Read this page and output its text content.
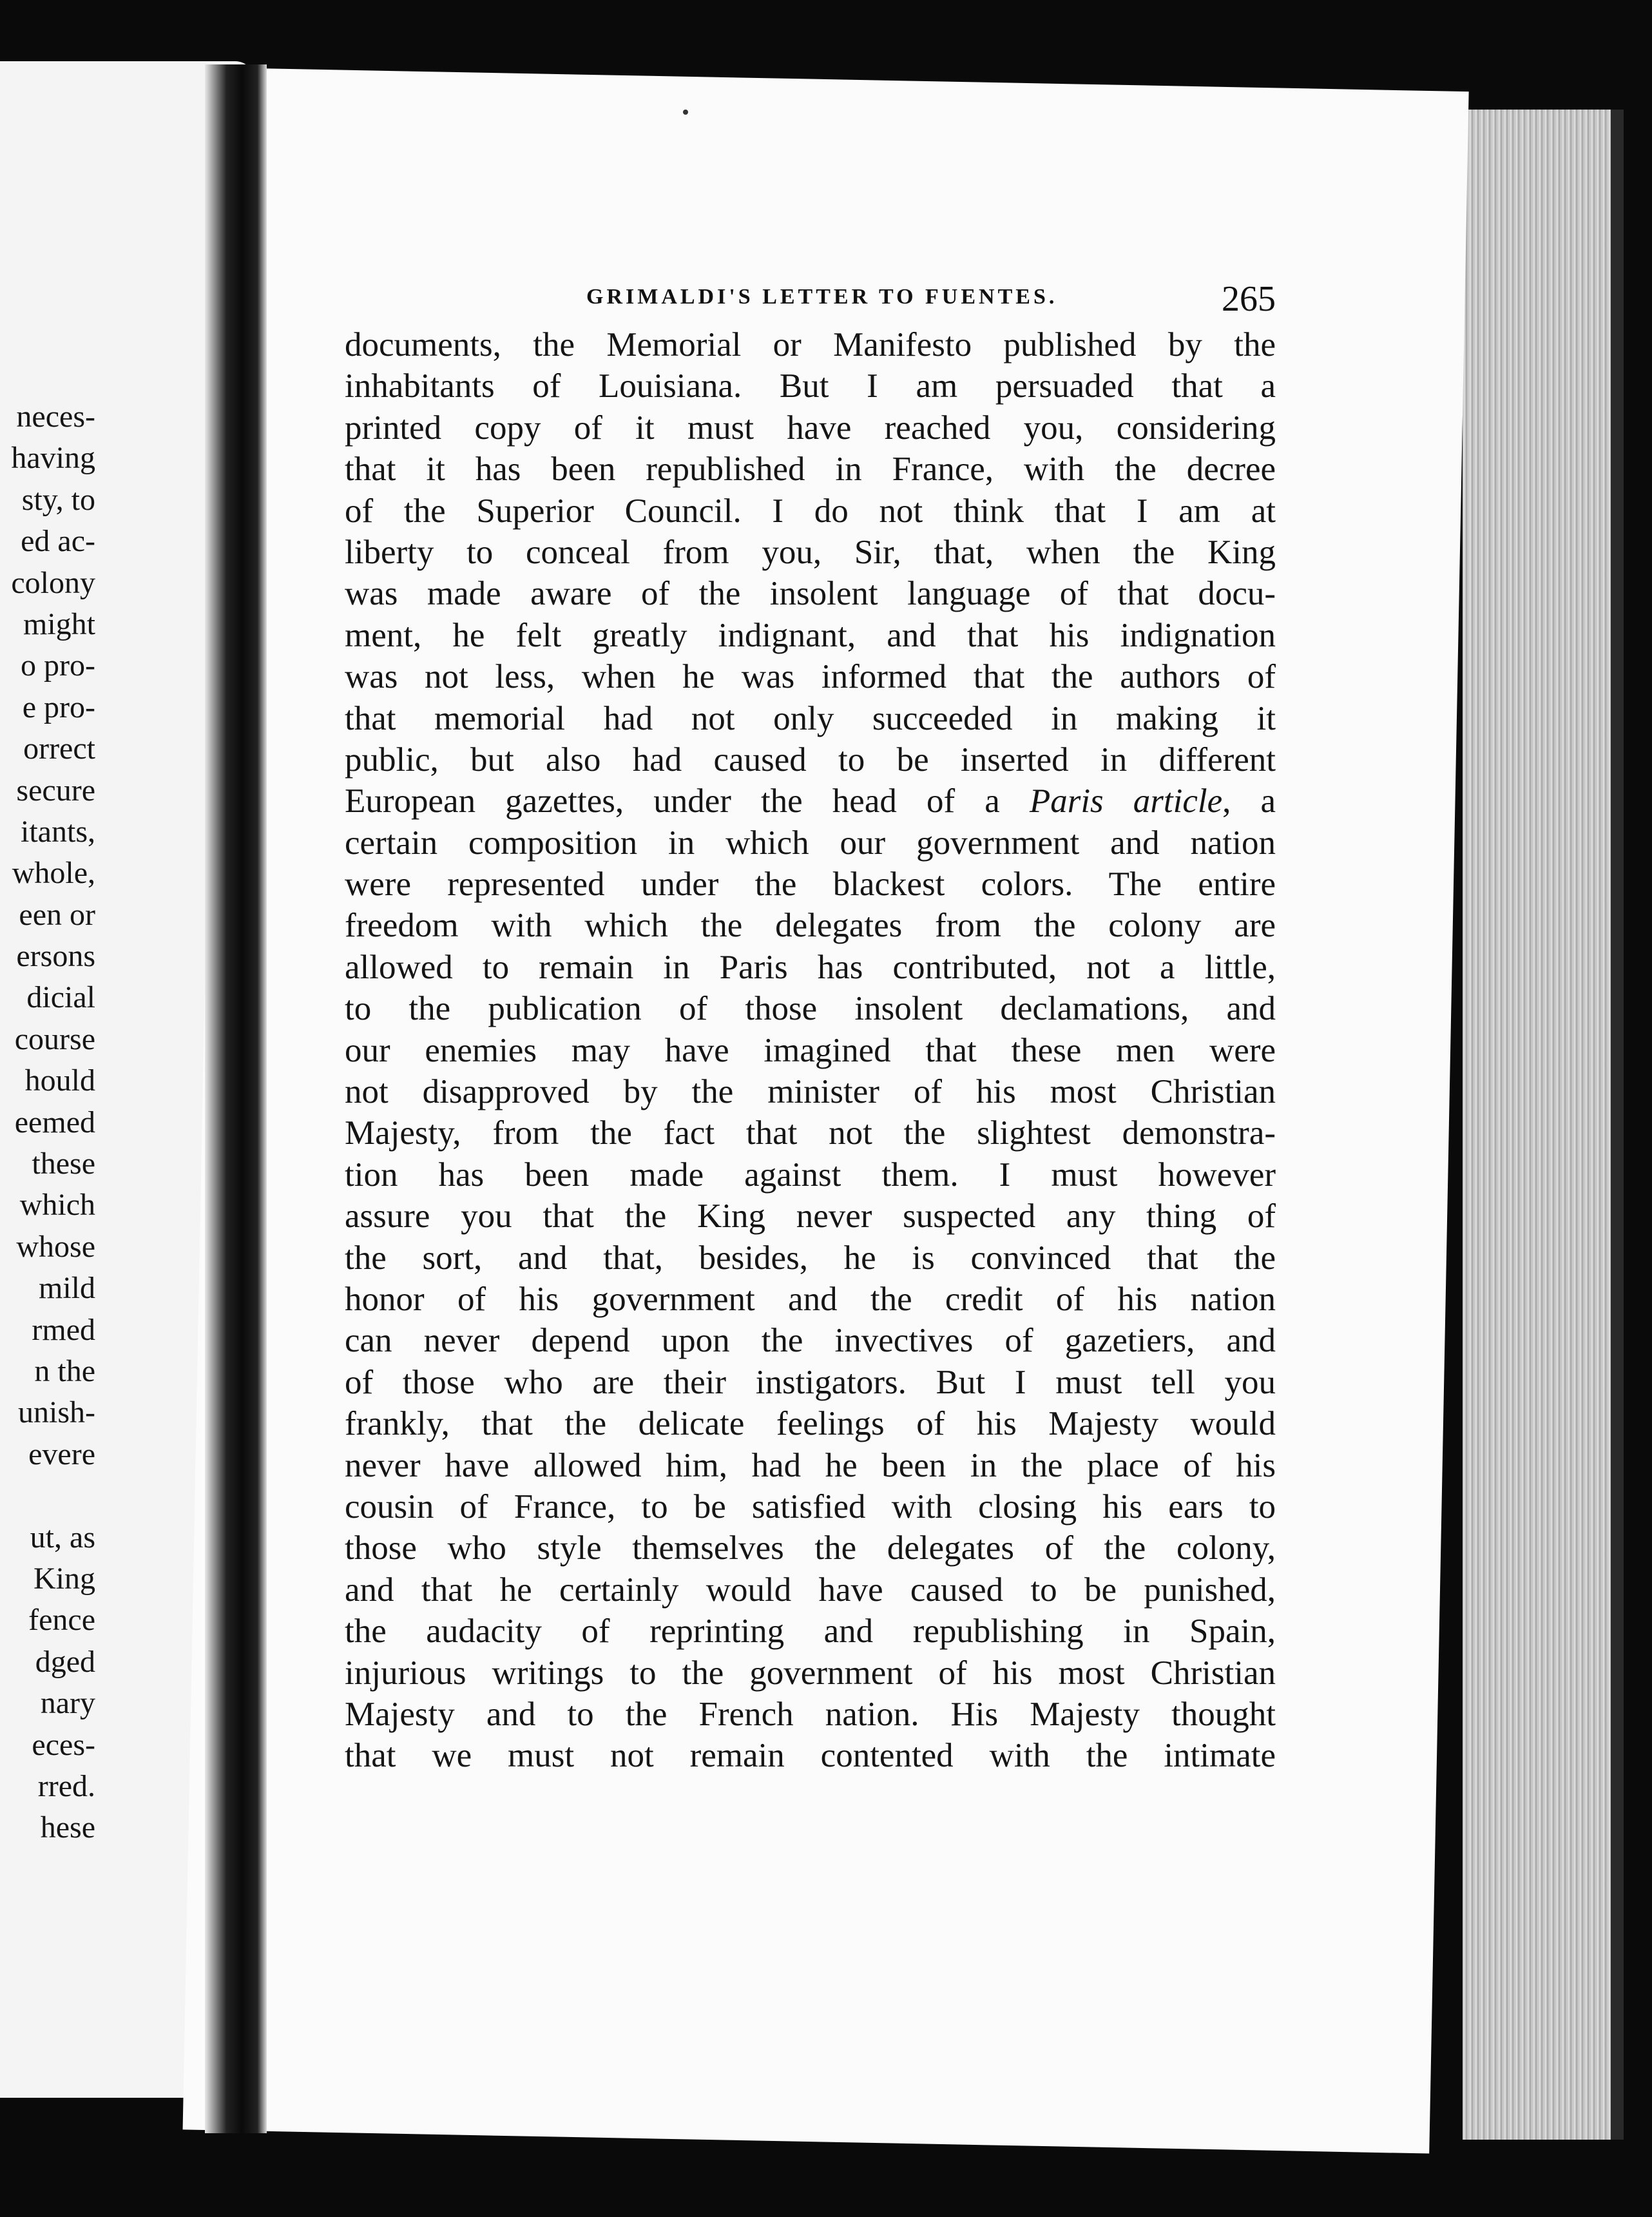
neces-
having
sty, to
ed ac-
colony
might
o pro-
e pro-
orrect
secure
itants,
whole,
een or
ersons
dicial
course
hould
eemed
these
which
whose
mild
rmed
n the
unish-
evere
ut, as
King
fence
dged
nary
eces-
rred.
hese
GRIMALDI'S LETTER TO FUENTES.	265
documents, the Memorial or Manifesto published by the
inhabitants of Louisiana. But I am persuaded that a
printed copy of it must have reached you, considering
that it has been republished in France, with the decree
of the Superior Council. I do not think that I am at
liberty to conceal from you, Sir, that, when the King
was made aware of the insolent language of that docu-
ment, he felt greatly indignant, and that his indignation
was not less, when he was informed that the authors of
that memorial had not only succeeded in making it
public, but also had caused to be inserted in different
European gazettes, under the head of a Paris article, a
certain composition in which our government and nation
were represented under the blackest colors. The entire
freedom with which the delegates from the colony are
allowed to remain in Paris has contributed, not a little,
to the publication of those insolent declamations, and
our enemies may have imagined that these men were
not disapproved by the minister of his most Christian
Majesty, from the fact that not the slightest demonstra-
tion has been made against them. I must however
assure you that the King never suspected any thing of
the sort, and that, besides, he is convinced that the
honor of his government and the credit of his nation
can never depend upon the invectives of gazetiers, and
of those who are their instigators. But I must tell you
frankly, that the delicate feelings of his Majesty would
never have allowed him, had he been in the place of his
cousin of France, to be satisfied with closing his ears to
those who style themselves the delegates of the colony,
and that he certainly would have caused to be punished,
the audacity of reprinting and republishing in Spain,
injurious writings to the government of his most Christian
Majesty and to the French nation. His Majesty thought
that we must not remain contented with the intimate
